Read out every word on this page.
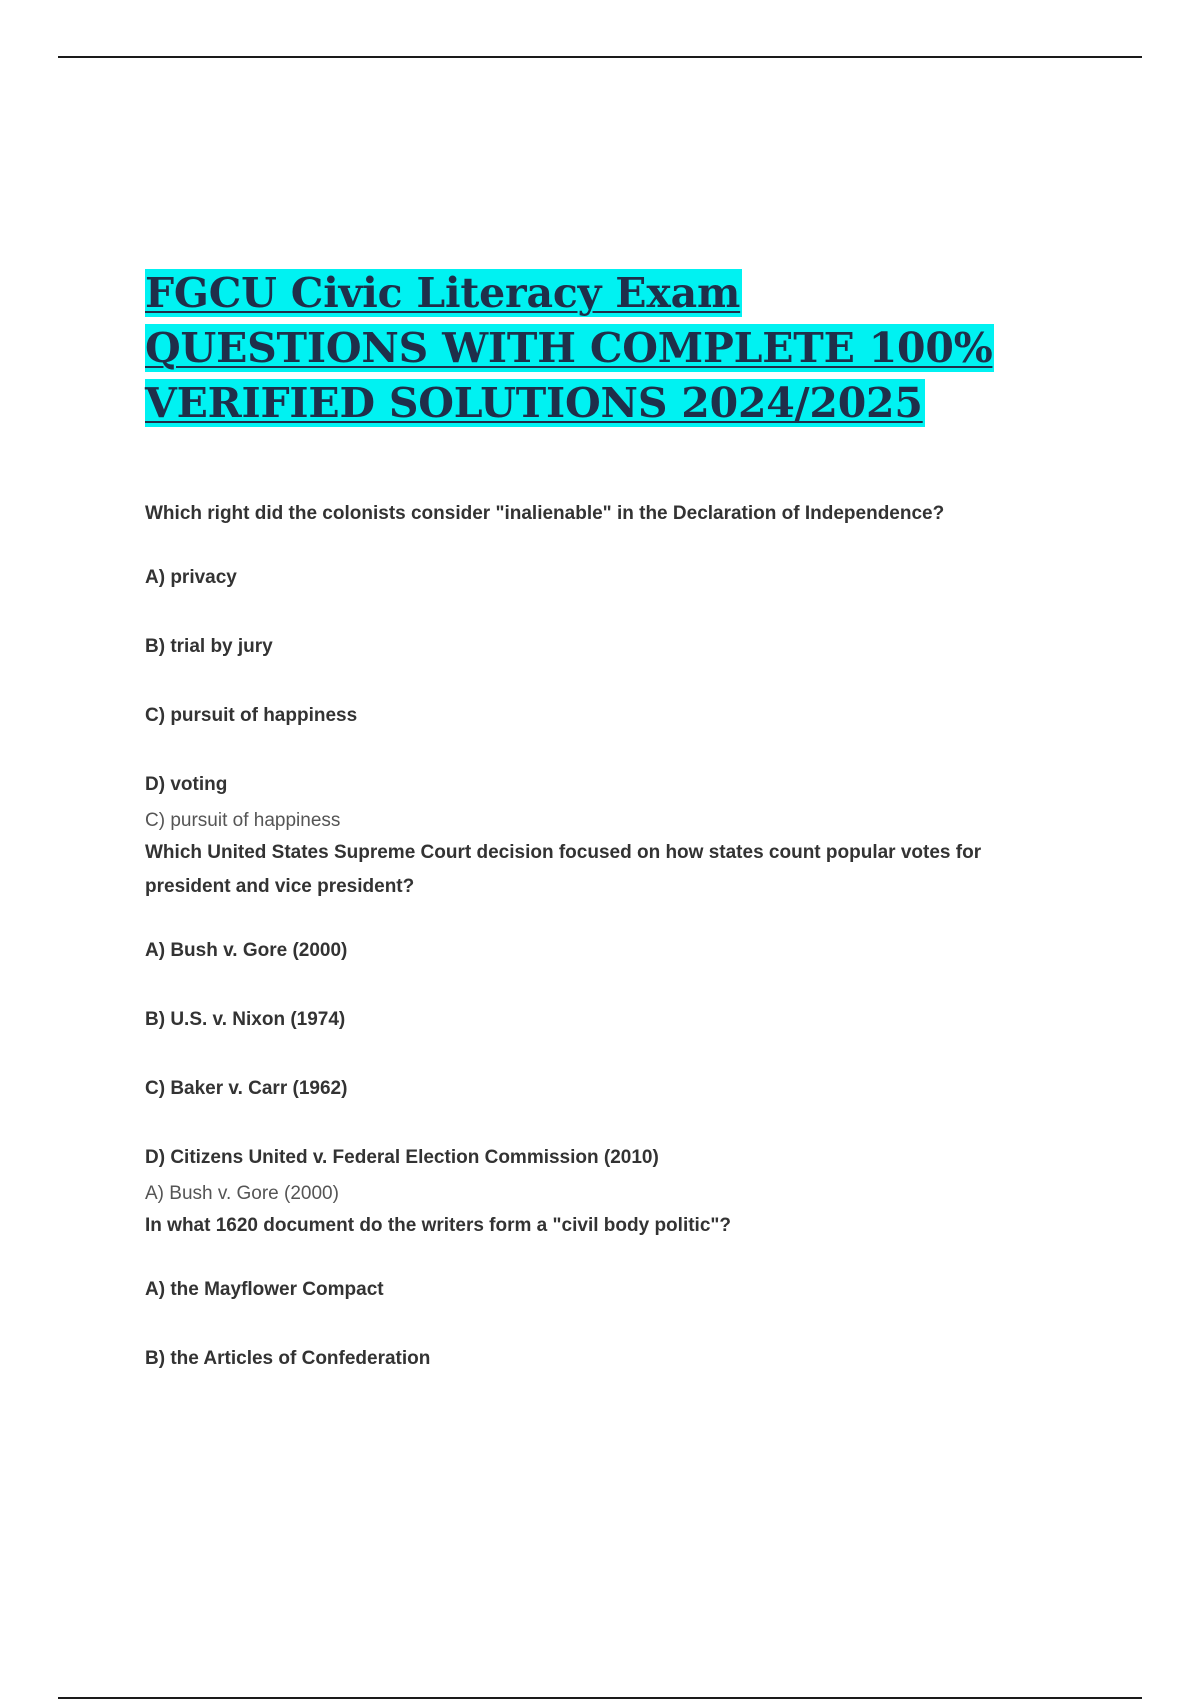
FGCU Civic Literacy Exam
QUESTIONS WITH COMPLETE 100%
VERIFIED SOLUTIONS 2024/2025

Which right did the colonists consider "inalienable" in the Declaration of Independence?

A) privacy

B) trial by jury

C) pursuit of happiness

D) voting

C) pursuit of happiness

Which United States Supreme Court decision focused on how states count popular votes for president and vice president?

A) Bush v. Gore (2000)

B) U.S. v. Nixon (1974)

C) Baker v. Carr (1962)

D) Citizens United v. Federal Election Commission (2010)

A) Bush v. Gore (2000)

In what 1620 document do the writers form a "civil body politic"?

A) the Mayflower Compact

B) the Articles of Confederation
